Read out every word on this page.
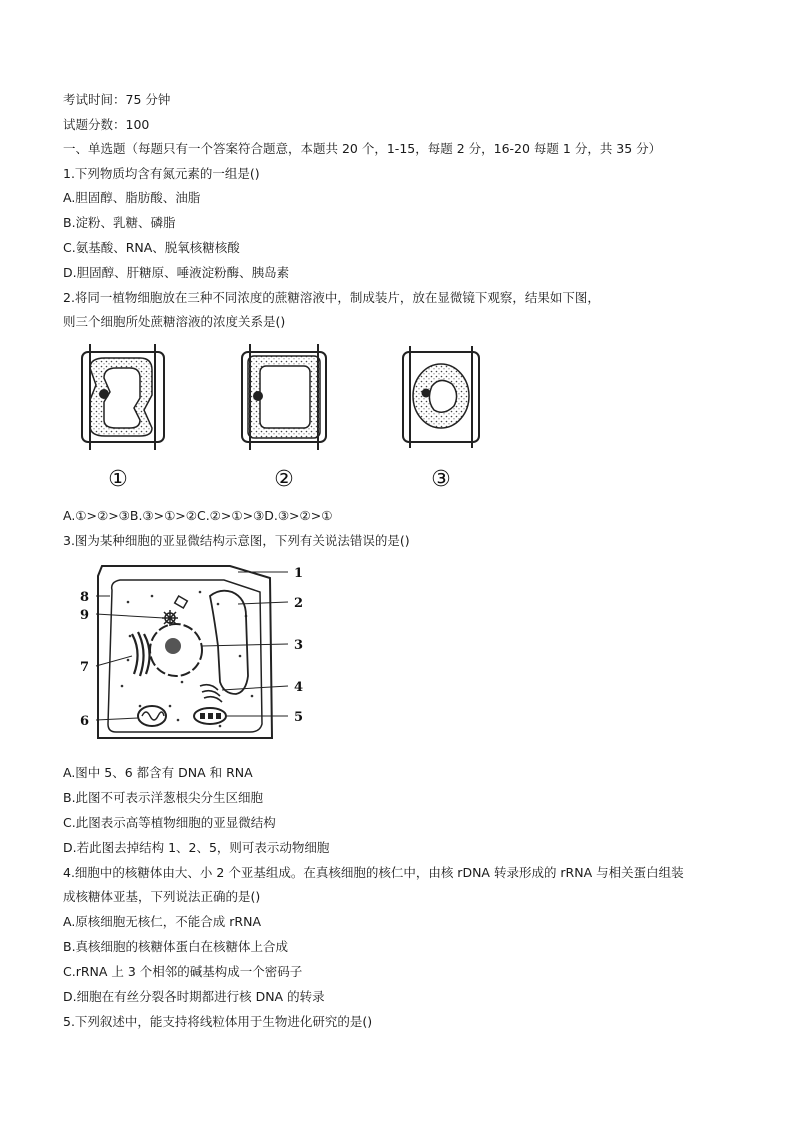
考试时间：75 分钟
试题分数：100
一、单选题（每题只有一个答案符合题意，本题共 20 个，1-15，每题 2 分，16-20 每题 1 分，共 35 分）
1.下列物质均含有氮元素的一组是()
A.胆固醇、脂肪酸、油脂
B.淀粉、乳糖、磷脂
C.氨基酸、RNA、脱氧核糖核酸
D.胆固醇、肝糖原、唾液淀粉酶、胰岛素
2.将同一植物细胞放在三种不同浓度的蔗糖溶液中，制成装片，放在显微镜下观察，结果如下图，
则三个细胞所处蔗糖溶液的浓度关系是()
①	②	③
A.①>②>③B.③>①>②C.②>①>③D.③>②>①
3.图为某种细胞的亚显微结构示意图，下列有关说法错误的是()
1
2
3
4
5
6
7
8
9
A.图中 5、6 都含有 DNA 和 RNA
B.此图不可表示洋葱根尖分生区细胞
C.此图表示高等植物细胞的亚显微结构
D.若此图去掉结构 1、2、5，则可表示动物细胞
4.细胞中的核糖体由大、小 2 个亚基组成。在真核细胞的核仁中，由核 rDNA 转录形成的 rRNA 与相关蛋白组装
成核糖体亚基，下列说法正确的是()
A.原核细胞无核仁，不能合成 rRNA
B.真核细胞的核糖体蛋白在核糖体上合成
C.rRNA 上 3 个相邻的碱基构成一个密码子
D.细胞在有丝分裂各时期都进行核 DNA 的转录
5.下列叙述中，能支持将线粒体用于生物进化研究的是()
